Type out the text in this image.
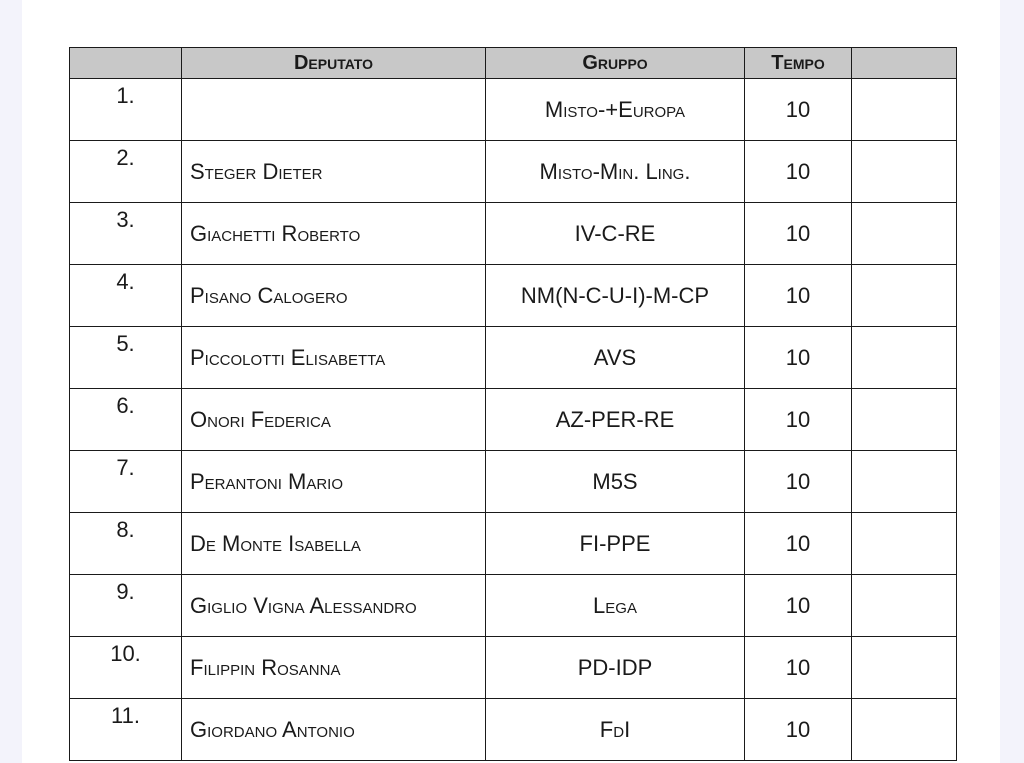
	Deputato	Gruppo	Tempo	
1.		Misto-+Europa	10	
2.	Steger Dieter	Misto-Min. Ling.	10	
3.	Giachetti Roberto	IV-C-RE	10	
4.	Pisano Calogero	NM(N-C-U-I)-M-CP	10	
5.	Piccolotti Elisabetta	AVS	10	
6.	Onori Federica	AZ-PER-RE	10	
7.	Perantoni Mario	M5S	10	
8.	De Monte Isabella	FI-PPE	10	
9.	Giglio Vigna Alessandro	Lega	10	
10.	Filippin Rosanna	PD-IDP	10	
11.	Giordano Antonio	FdI	10	
